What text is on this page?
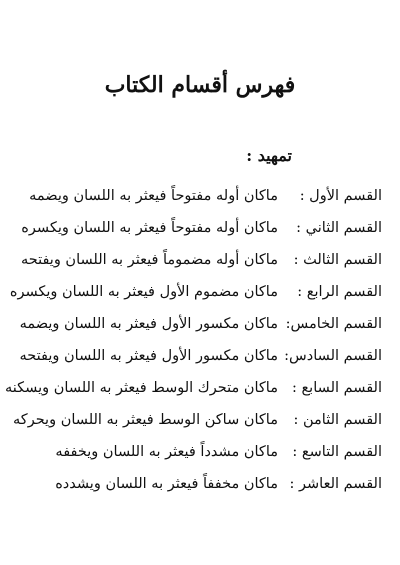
فهرس أقسام الكتاب
تمهيد :
القسم الأول :
ماكان أوله مفتوحاً فيعثر به اللسان ويضمه
القسم الثاني :
ماكان أوله مفتوحاً فيعثر به اللسان ويكسره
القسم الثالث :
ماكان أوله مضموماً فيعثر به اللسان ويفتحه
القسم الرابع :
ماكان مضموم الأول فيعثر به اللسان ويكسره
القسم الخامس:
ماكان مكسور الأول فيعثر به اللسان ويضمه
القسم السادس:
ماكان مكسور الأول فيعثر به اللسان ويفتحه
القسم السابع :
ماكان متحرك الوسط فيعثر به اللسان ويسكنه
القسم الثامن :
ماكان ساكن الوسط فيعثر به اللسان ويحركه
القسم التاسع :
ماكان مشدداً فيعثر به اللسان ويخففه
القسم العاشر :
ماكان مخففاً فيعثر به اللسان ويشدده
